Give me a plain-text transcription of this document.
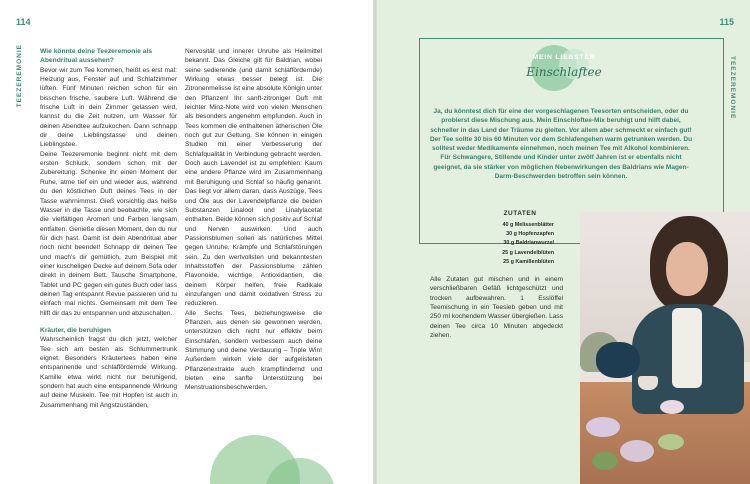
114
TEEZEREMONIE	Wie könnte deine Teezeremonie als Abendritual aussehen?

Bevor wir zum Tee kommen, heißt es erst mal: Heizung aus, Fenster auf und Schlafzimmer lüften. Fünf Minuten reichen schon für ein bisschen frische, saubere Luft. Während die frische Luft in dein Zimmer gelassen wird, kannst du die Zeit nutzen, um Wasser für deinen Abendtee aufzukochen. Dann schnapp dir deine Lieblingstasse und deinen Lieblingstee.

Deine Teezeremonie beginnt nicht mit dem ersten Schluck, sondern schon mit der Zubereitung. Schenke ihr einen Moment der Ruhe, atme tief ein und wieder aus, während du den köstlichen Duft deines Tees in der Tasse wahrnimmst. Gieß vorsichtig das heiße Wasser in die Tasse und beobachte, wie sich die vielfältigen Aromen und Farben langsam entfalten. Genieße diesen Moment, den du nur für dich hast. Damit ist dein Abendritual aber noch nicht beendet! Schnapp dir deinen Tee und mach's dir gemütlich, zum Beispiel mit einer kuscheligen Decke auf deinem Sofa oder direkt in deinem Bett. Tausche Smartphone, Tablet und PC gegen ein gutes Buch oder lass deinen Tag entspannt Revue passieren und tu einfach mal nichts. Gemeinsam mit dem Tee hilft dir das zu entspannen und abzuschalten.

Kräuter, die beruhigen

Wahrscheinlich fragst du dich jetzt, welcher Tee sich am besten als Schlummertrunk eignet. Besonders Kräutertees haben eine entspannende und schlaffördernde Wirkung. Kamille etwa wirkt nicht nur beruhigend, sondern hat auch eine entspannende Wirkung auf deine Muskeln. Tee mit Hopfen ist auch in Zusammenhang mit Angstzuständen,

Nervosität und innerer Unruhe als Heilmittel bekannt. Das Gleiche gilt für Baldrian, wobei seine sedierende (und damit schlaffördernde) Wirkung etwas besser belegt ist. Die Zitronenmelisse ist eine absolute Königin unter den Pflanzen! Ihr sanft-zitroniger Duft mit leichter Minz-Note wird von vielen Menschen als besonders angenehm empfunden. Auch in Tees kommen die enthaltenen ätherischen Öle noch gut zur Geltung. Sie können in einigen Studien mit einer Verbesserung der Schlafqualität in Verbindung gebracht werden. Doch auch Lavendel ist zu empfehlen: Kaum eine andere Pflanze wird im Zusammenhang mit Beruhigung und Schlaf so häufig genannt. Das liegt vor allem daran, dass Auszüge, Tees und Öle aus der Lavendelpflanze die beiden Substanzen Linalool und Linalylacetat enthalten. Beide können sich positiv auf Schlaf und Nerven auswirken. Und auch Passionsblumen sollen als natürliches Mittel gegen Unruhe, Krämpfe und Schlafstörungen sein. Zu den wertvollsten und bekanntesten Inhaltsstoffen der Passionsblume zählen Flavonoide, wichtige Antioxidantien, die deinem Körper helfen, freie Radikale einzufangen und damit oxidativen Stress zu reduzieren.

Alle Sechs Tees, beziehungsweise die Pflanzen, aus denen sie gewonnen werden, unterstützen dich nicht nur effektiv beim Einschlafen, sondern verbessern auch deine Stimmung und deine Verdauung – Triple Win! Außerdem wirken viele der aufgelisteten Pflanzenextrakte auch krampflindernd und bieten eine sanfte Unterstützung bei Menstruationsbeschwerden.

115
TEEZEREMONIE
MEIN LIEBSTER
Einschlaftee
Ja, du könntest dich für eine der vorgeschlagenen Teesorten entscheiden, oder du probierst diese Mischung aus. Mein Einschloftee-Mix beruhigt und hilft dabei, schneller in das Land der Träume zu gleiten. Vor allem aber schmeckt er einfach gut! Der Tee sollte 30 bis 60 Minuten vor dem Schlafengehen warm getrunken werden. Du solltest weder Medikamente einnehmen, noch meinen Tee mit Alkohol kombinieren. Für Schwangere, Stillende und Kinder unter zwölf Jahren ist er ebenfalls nicht geeignet, da sie stärker von möglichen Nebenwirkungen des Baldrians wie Magen-Darm-Beschwerden betroffen sein können.
ZUTATEN
40 g Melissenblätter
30 g Hopfenzapfen
30 g Baldrianwurzel
25 g Lavendelblüten
25 g Kamillenblüten
Alle Zutaten gut mischen und in einem verschließbaren Gefäß lichtgeschützt und trocken aufbewahren. 1 Esslöffel Teemischung in ein Teesieb geben und mit 250 ml kochendem Wasser übergießen. Lass deinen Tee circa 10 Minuten abgedeckt ziehen.
